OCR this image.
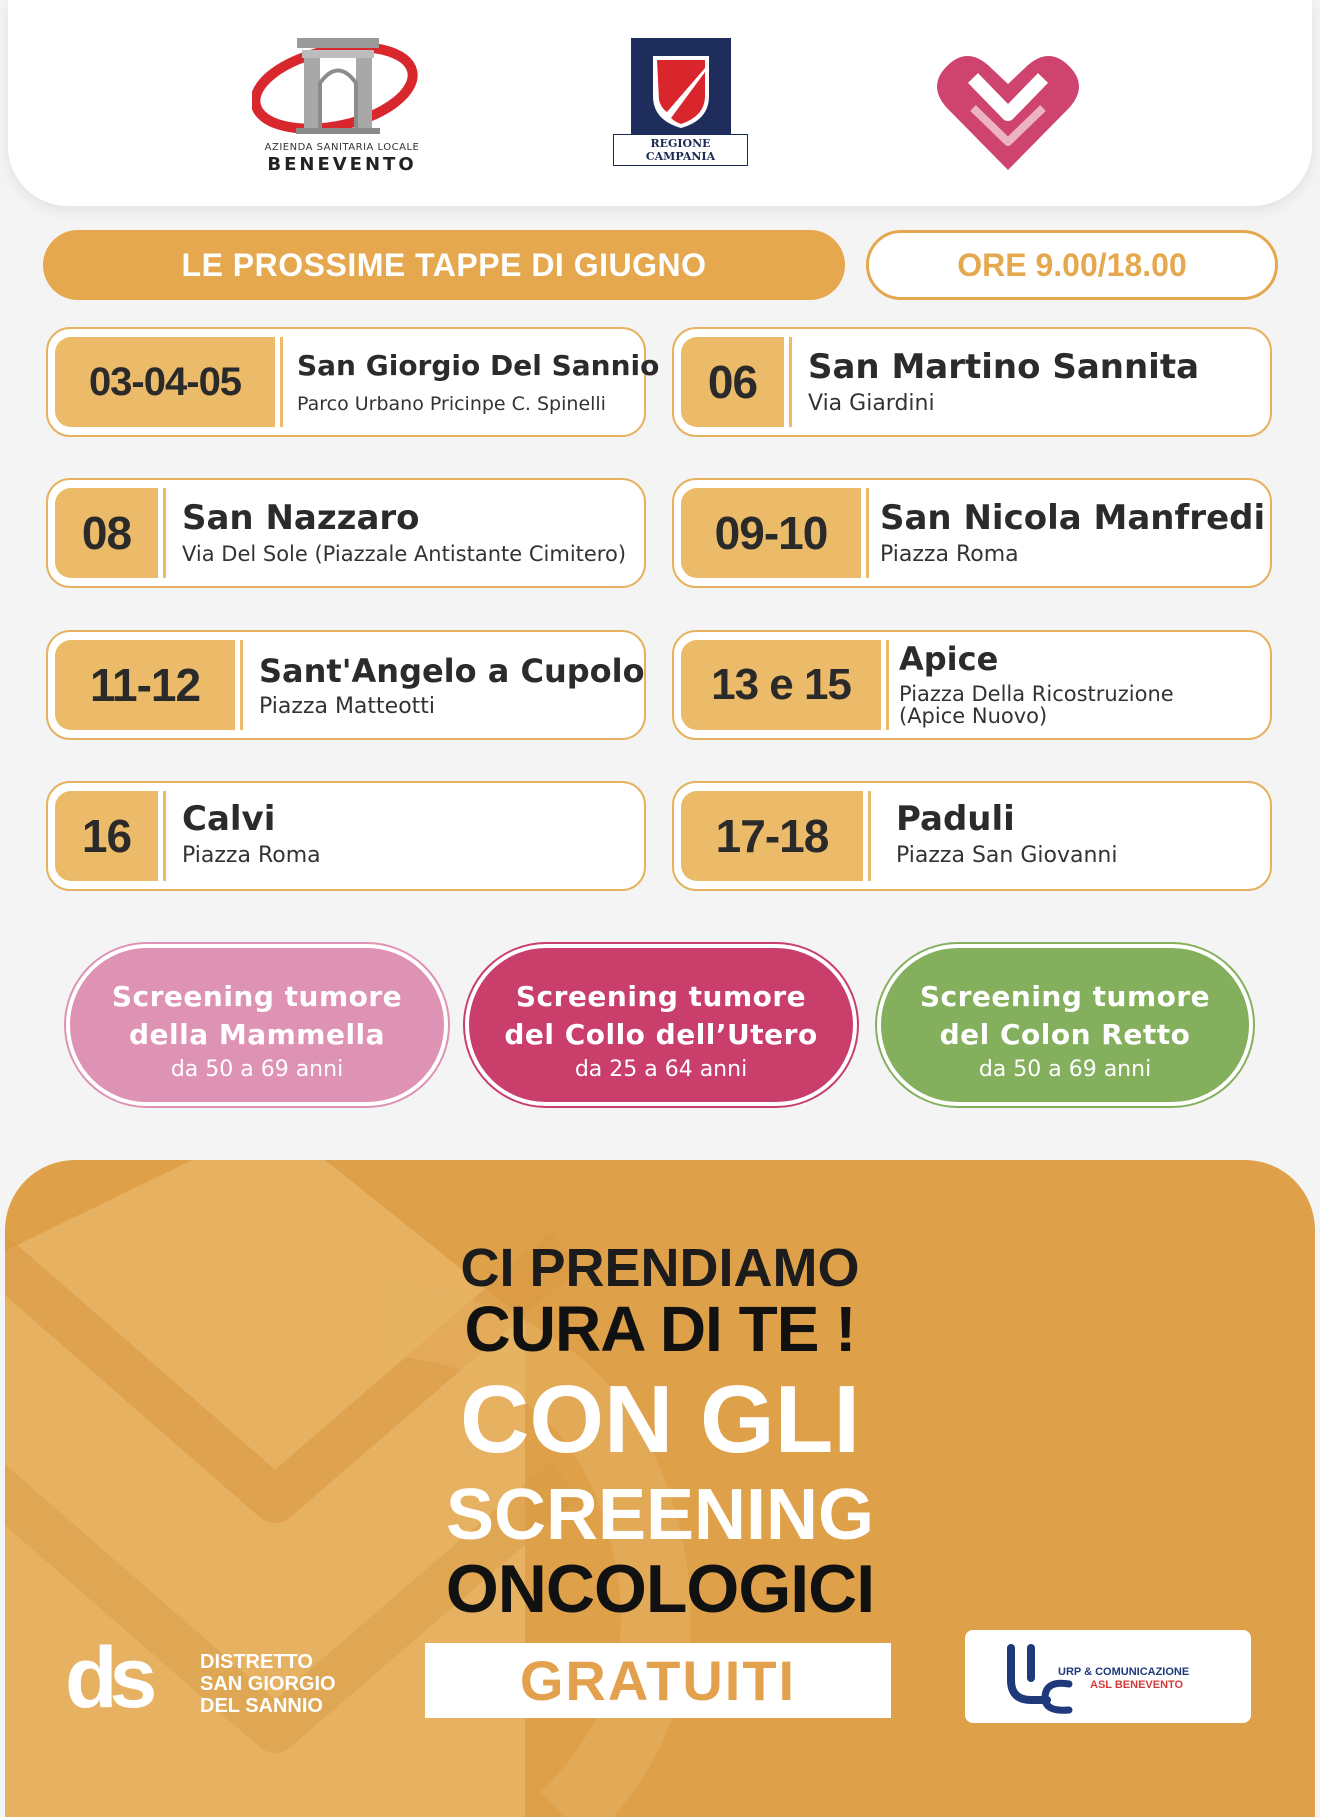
AZIENDA SANITARIA LOCALE
BENEVENTO
REGIONE CAMPANIA
LE PROSSIME TAPPE DI GIUGNO	ORE 9.00/18.00
03-04-05	San Giorgio Del Sannio
Parco Urbano Pricinpe C. Spinelli	06	San Martino Sannita
Via Giardini
08	San Nazzaro
Via Del Sole (Piazzale Antistante Cimitero)	09-10	San Nicola Manfredi
Piazza Roma
11-12	Sant'Angelo a Cupolo
Piazza Matteotti	13 e 15
Apice
Piazza Della Ricostruzione
(Apice Nuovo)
16	Calvi
Piazza Roma	17-18	Paduli
Piazza San Giovanni
Screening tumore
della Mammella
da 50 a 69 anni
Screening tumore
del Collo dell’Utero
da 25 a 64 anni
Screening tumore
del Colon Retto
da 50 a 69 anni
CI PRENDIAMO
CURA DI TE !
CON GLI
SCREENING
ONCOLOGICI
GRATUITI
ds	DISTRETTO
SAN GIORGIO
DEL SANNIO
URP & COMUNICAZIONE
ASL BENEVENTO
